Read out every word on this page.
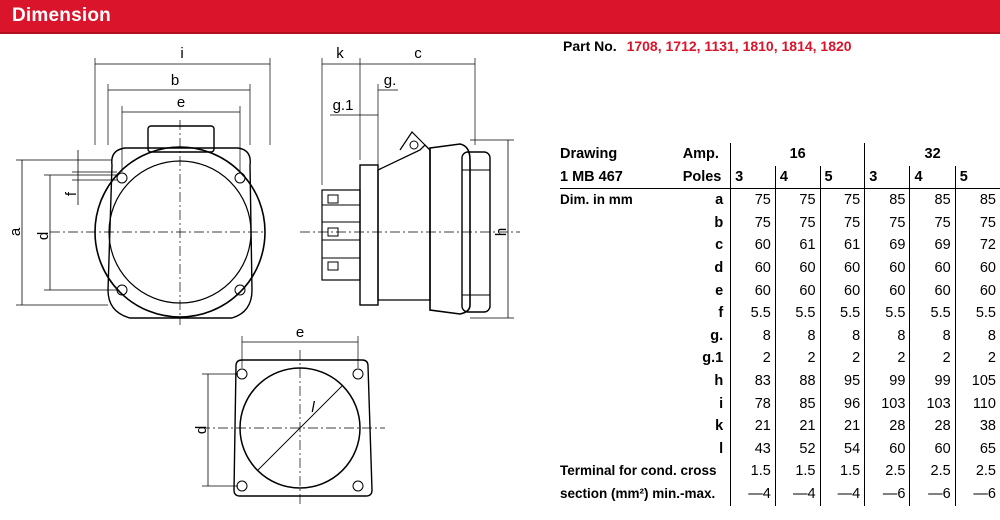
Dimension
i
b
e
a d
f
k	c
g.
g.1
h
e
d
l
Part No. 1708, 1712, 1131, 1810, 1814, 1820
Drawing	Amp.	16			32		
1 MB 467	Poles	3	4	5	3	4	5
Dim. in mm	a	75	75	75	85	85	85
	b	75	75	75	75	75	75
	c	60	61	61	69	69	72
	d	60	60	60	60	60	60
	e	60	60	60	60	60	60
	f	5.5	5.5	5.5	5.5	5.5	5.5
	g.	8	8	8	8	8	8
	g.1	2	2	2	2	2	2
	h	83	88	95	99	99	105
	i	78	85	96	103	103	110
	k	21	21	21	28	28	38
	l	43	52	54	60	60	65
Terminal for cond. cross		1.5	1.5	1.5	2.5	2.5	2.5
section (mm²) min.-max.		—4	—4	—4	—6	—6	—6
